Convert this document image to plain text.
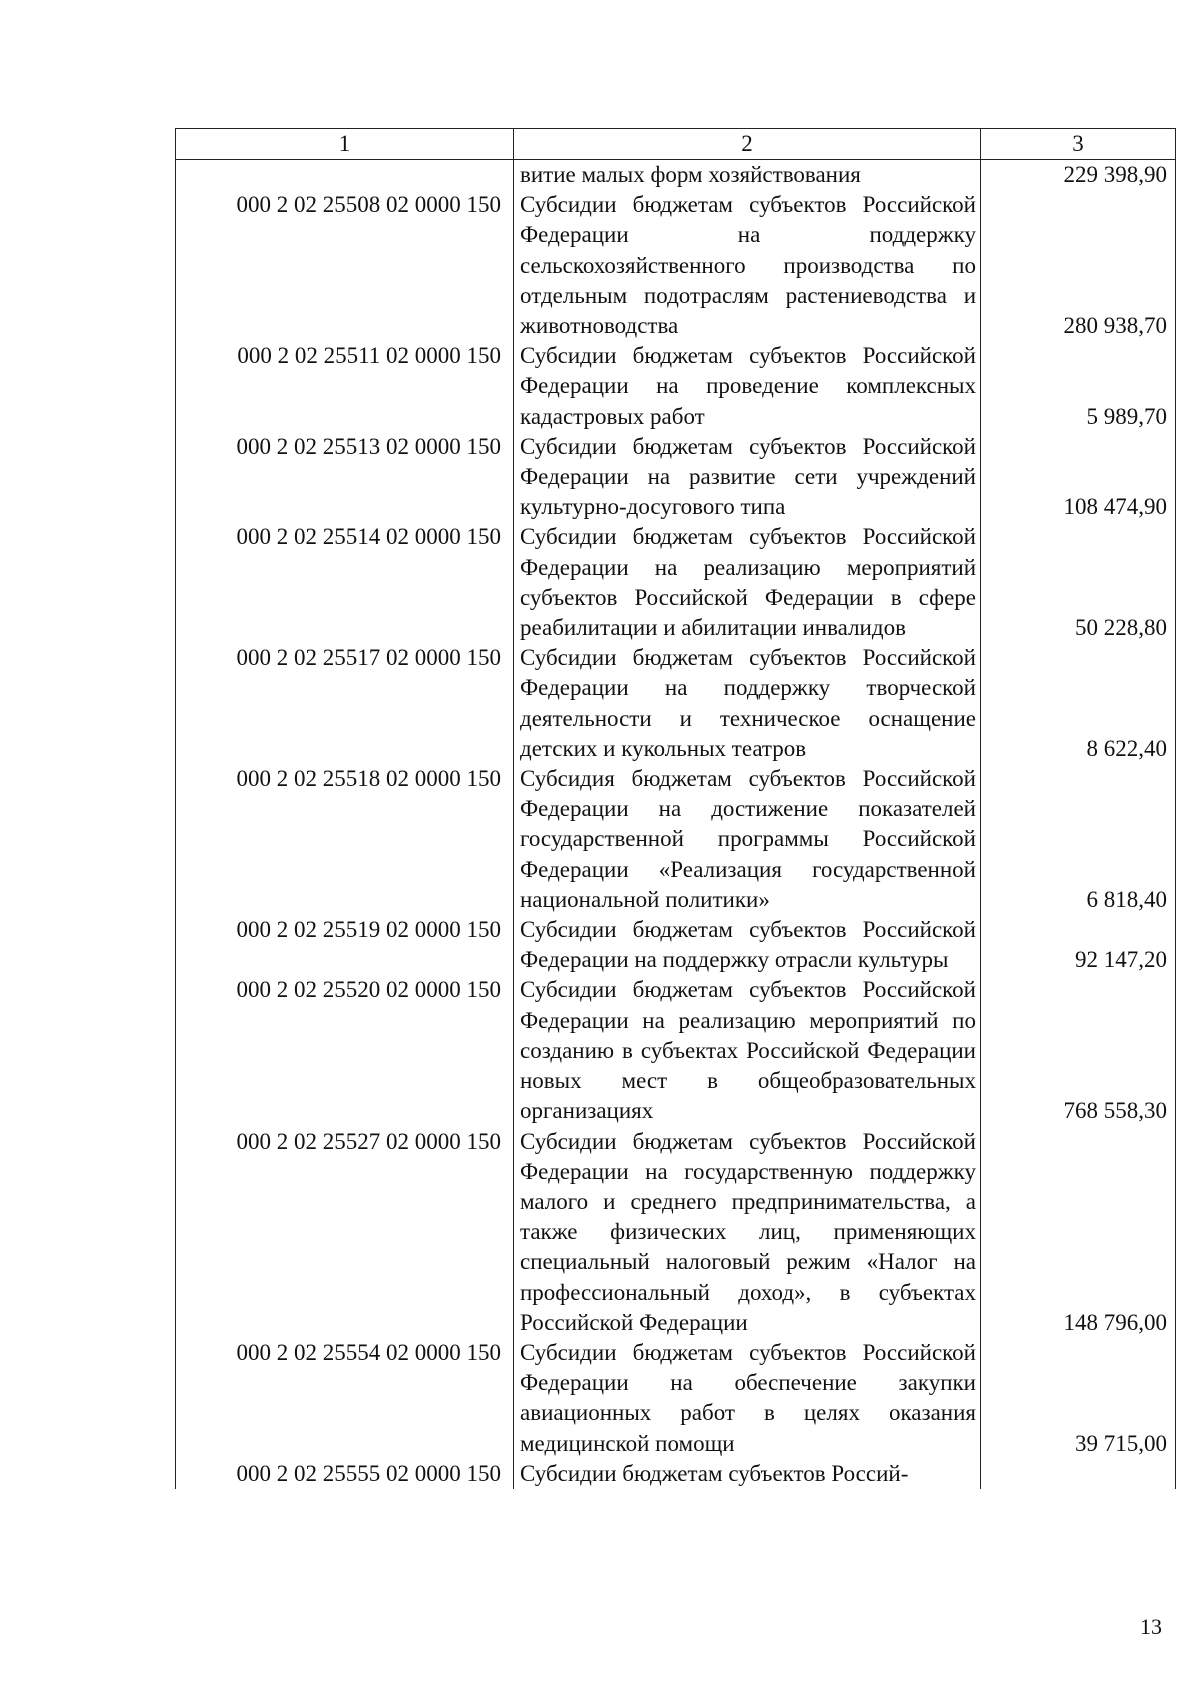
1	2	3
	витие малых форм хозяйствования	229 398,90
000 2 02 25508 02 0000 150	Субсидии бюджетам субъектов Российской Федерации на поддержку сельскохозяйственного производства по отдельным подотраслям растениеводства и животноводства	280 938,70
000 2 02 25511 02 0000 150	Субсидии бюджетам субъектов Российской Федерации на проведение комплексных кадастровых работ	5 989,70
000 2 02 25513 02 0000 150	Субсидии бюджетам субъектов Российской Федерации на развитие сети учреждений культурно-досугового типа	108 474,90
000 2 02 25514 02 0000 150	Субсидии бюджетам субъектов Российской Федерации на реализацию мероприятий субъектов Российской Федерации в сфере реабилитации и абилитации инвалидов	50 228,80
000 2 02 25517 02 0000 150	Субсидии бюджетам субъектов Российской Федерации на поддержку творческой деятельности и техническое оснащение детских и кукольных театров	8 622,40
000 2 02 25518 02 0000 150	Субсидия бюджетам субъектов Российской Федерации на достижение показателей государственной программы Российской Федерации «Реализация государственной национальной политики»	6 818,40
000 2 02 25519 02 0000 150	Субсидии бюджетам субъектов Российской Федерации на поддержку отрасли культуры	92 147,20
000 2 02 25520 02 0000 150	Субсидии бюджетам субъектов Российской Федерации на реализацию мероприятий по созданию в субъектах Российской Федерации новых мест в общеобразовательных организациях	768 558,30
000 2 02 25527 02 0000 150	Субсидии бюджетам субъектов Российской Федерации на государственную поддержку малого и среднего предпринимательства, а также физических лиц, применяющих специальный налоговый режим «Налог на профессиональный доход», в субъектах Российской Федерации	148 796,00
000 2 02 25554 02 0000 150	Субсидии бюджетам субъектов Российской Федерации на обеспечение закупки авиационных работ в целях оказания медицинской помощи	39 715,00
000 2 02 25555 02 0000 150	Субсидии бюджетам субъектов Россий-	
13
